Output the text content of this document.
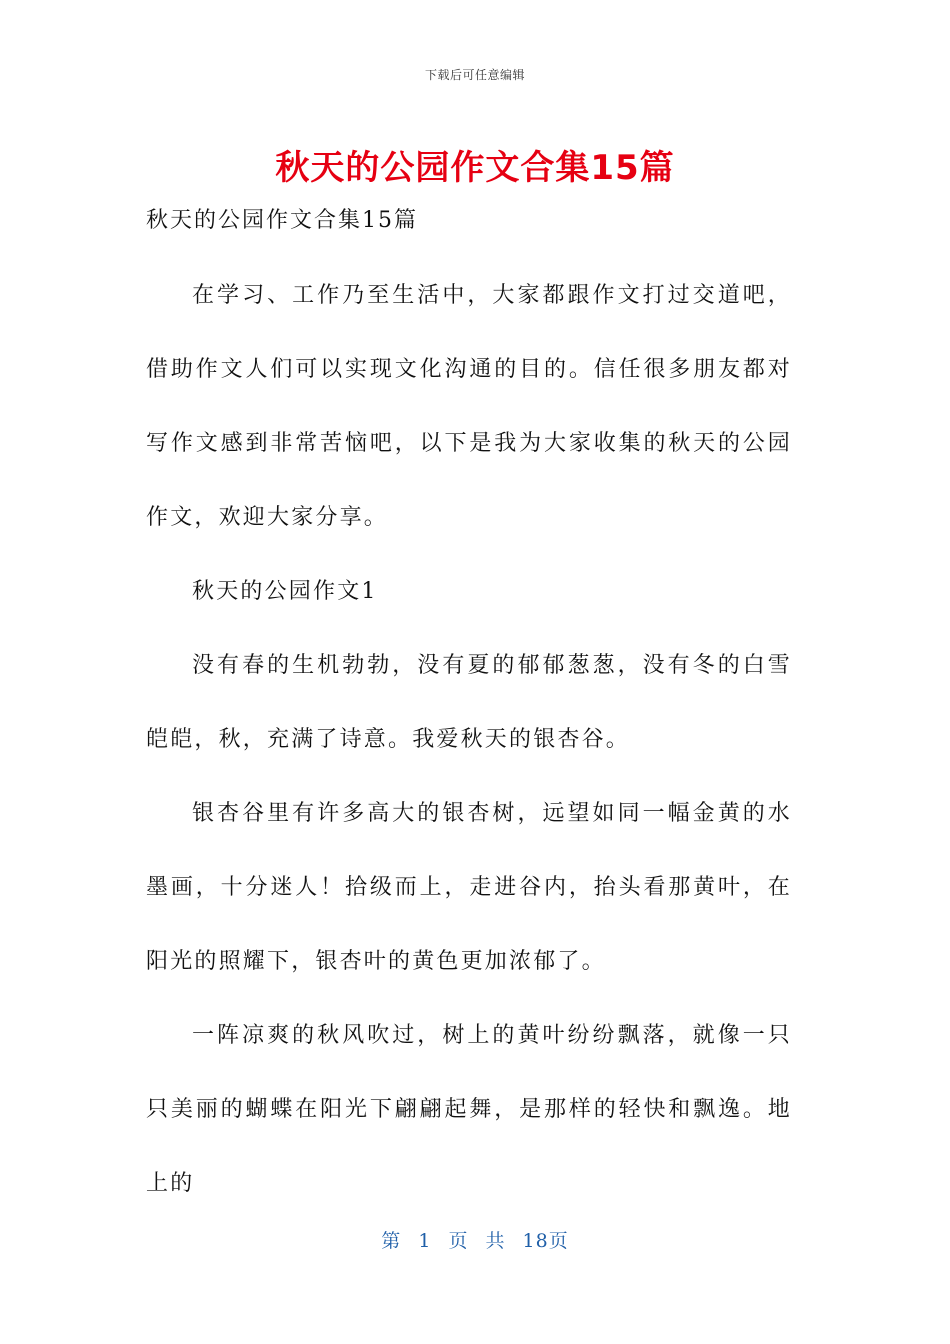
下载后可任意编辑
秋天的公园作文合集15篇
秋天的公园作文合集15篇

在学习、工作乃至生活中，大家都跟作文打过交道吧，借助作文人们可以实现文化沟通的目的。信任很多朋友都对写作文感到非常苦恼吧，以下是我为大家收集的秋天的公园作文，欢迎大家分享。

秋天的公园作文1

没有春的生机勃勃，没有夏的郁郁葱葱，没有冬的白雪皑皑，秋，充满了诗意。我爱秋天的银杏谷。

银杏谷里有许多高大的银杏树，远望如同一幅金黄的水墨画，十分迷人！拾级而上，走进谷内，抬头看那黄叶，在阳光的照耀下，银杏叶的黄色更加浓郁了。

一阵凉爽的秋风吹过，树上的黄叶纷纷飘落，就像一只只美丽的蝴蝶在阳光下翩翩起舞，是那样的轻快和飘逸。地上的

第 1 页 共 18页
